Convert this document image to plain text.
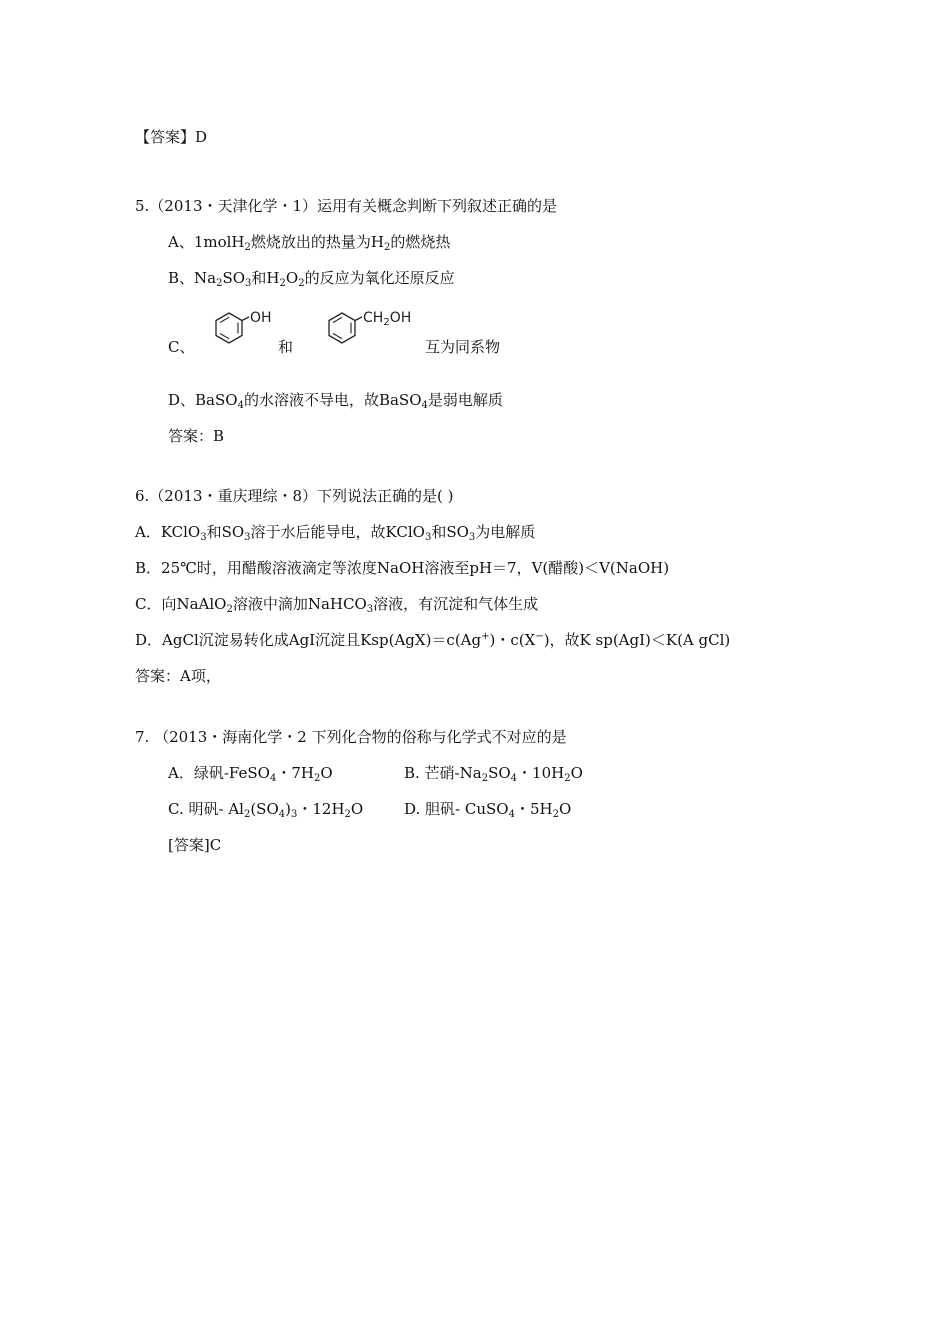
【答案】D
5.（2013・天津化学・1）运用有关概念判断下列叙述正确的是
A、1molH$_2$燃烧放出的热量为$H_2$的燃烧热
B、$Na_2SO_3$和$H_2O_2$的反应为氧化还原反应
C、
OH
和
$CH_2OH$
互为同系物
D、BaSO$_4$的水溶液不导电，故BaSO$_4$是弱电解质
答案：B
6.（2013・重庆理综・8）下列说法正确的是( )
A．KClO$_3$和$SO_3$溶于水后能导电，故KClO$_3$和$SO_3$为电解质
B．25℃时，用醋酸溶液滴定等浓度NaOH溶液至pH＝7，V(醋酸)＜V(NaOH)
C．向NaAlO$_2$溶液中滴加NaHCO$_3$溶液，有沉淀和气体生成
D．AgCl沉淀易转化成AgI沉淀且Ksp(AgX)＝c(Ag+)・c(X−)，故K sp(AgI)＜K(A gCl)
答案：A项，
7. （2013・海南化学・2 下列化合物的俗称与化学式不对应的是
A．绿矾-FeSO$_4$・$7H_2O$	B. 芒硝$-Na_2SO_4$・$10H_2O$
C. 明矾- $Al_2(SO_4)_3$・$12H_2O$	D. 胆矾- CuSO$_4$・$5H_2O$
[答案]C
